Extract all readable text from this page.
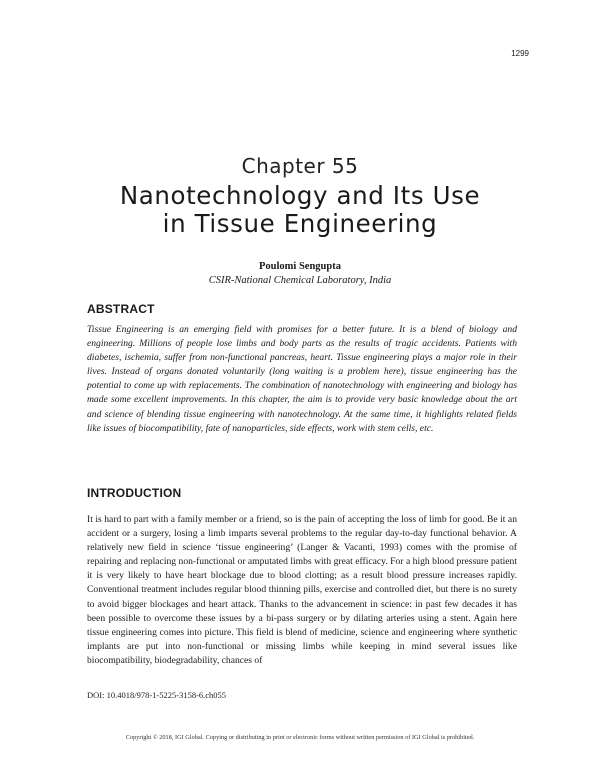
1299
Chapter 55
Nanotechnology and Its Use
in Tissue Engineering
Poulomi Sengupta
CSIR-National Chemical Laboratory, India
ABSTRACT

Tissue Engineering is an emerging field with promises for a better future. It is a blend of biology and engineering. Millions of people lose limbs and body parts as the results of tragic accidents. Patients with diabetes, ischemia, suffer from non-functional pancreas, heart. Tissue engineering plays a major role in their lives. Instead of organs donated voluntarily (long waiting is a problem here), tissue engineering has the potential to come up with replacements. The combination of nanotechnology with engineering and biology has made some excellent improvements. In this chapter, the aim is to provide very basic knowledge about the art and science of blending tissue engineering with nanotechnology. At the same time, it highlights related fields like issues of biocompatibility, fate of nanoparticles, side effects, work with stem cells, etc.

INTRODUCTION

It is hard to part with a family member or a friend, so is the pain of accepting the loss of limb for good. Be it an accident or a surgery, losing a limb imparts several problems to the regular day-to-day functional behavior. A relatively new field in science ‘tissue engineering’ (Langer & Vacanti, 1993) comes with the promise of repairing and replacing non-functional or amputated limbs with great efficacy. For a high blood pressure patient it is very likely to have heart blockage due to blood clotting; as a result blood pressure increases rapidly. Conventional treatment includes regular blood thinning pills, exercise and controlled diet, but there is no surety to avoid bigger blockages and heart attack. Thanks to the advancement in science: in past few decades it has been possible to overcome these issues by a bi-pass surgery or by dilating arteries using a stent. Again here tissue engineering comes into picture. This field is blend of medicine, science and engineering where synthetic implants are put into non-functional or missing limbs while keeping in mind several issues like biocompatibility, biodegradability, chances of

DOI: 10.4018/978-1-5225-3158-6.ch055
Copyright © 2018, IGI Global. Copying or distributing in print or electronic forms without written permission of IGI Global is prohibited.
